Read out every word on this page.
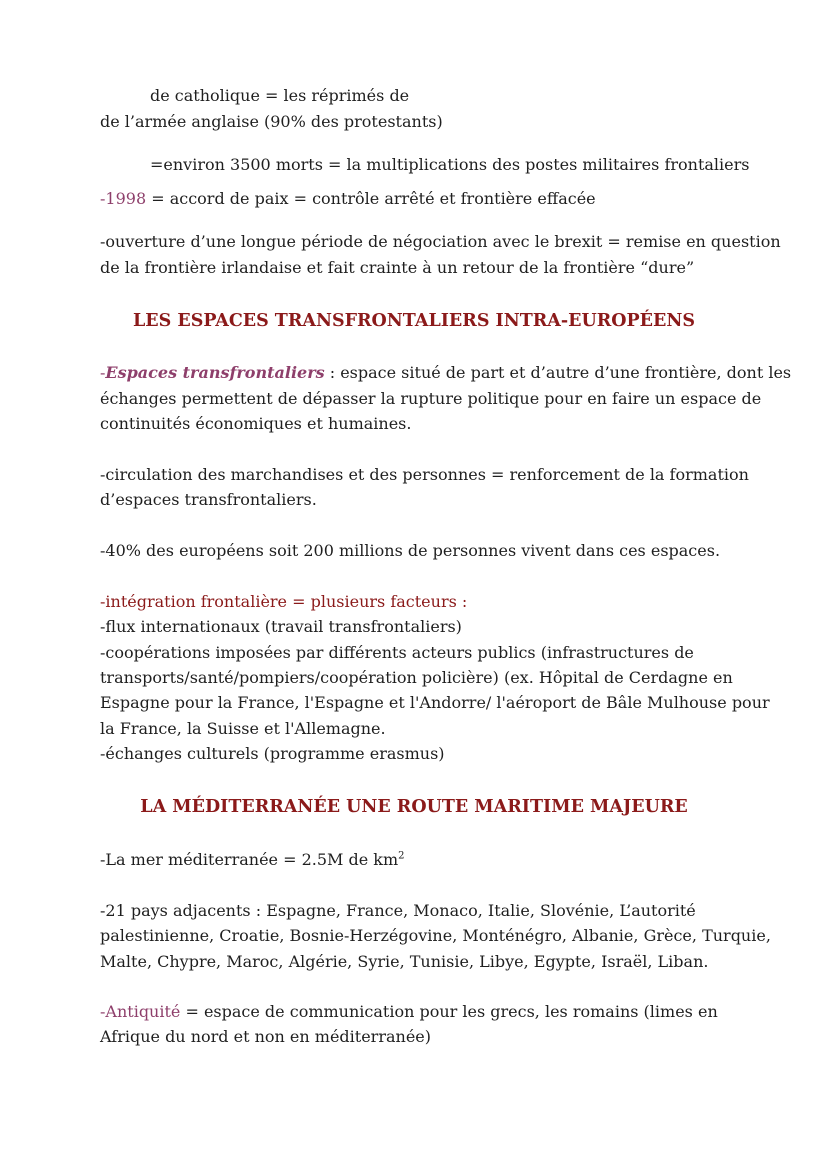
de catholique = les réprimés de

de l’armée anglaise (90% des protestants)

=environ 3500 morts = la multiplications des postes militaires frontaliers

-1998 = accord de paix = contrôle arrêté et frontière effacée

-ouverture d’une longue période de négociation avec le brexit = remise en question

de la frontière irlandaise et fait crainte à un retour de la frontière “dure”

LES ESPACES TRANSFRONTALIERS INTRA-EUROPÉENS

-Espaces transfrontaliers : espace situé de part et d’autre d’une frontière, dont les

échanges permettent de dépasser la rupture politique pour en faire un espace de

continuités économiques et humaines.

-circulation des marchandises et des personnes = renforcement de la formation

d’espaces transfrontaliers.

-40% des européens soit 200 millions de personnes vivent dans ces espaces.

-intégration frontalière = plusieurs facteurs :

-flux internationaux (travail transfrontaliers)

-coopérations imposées par différents acteurs publics (infrastructures de

transports/santé/pompiers/coopération policière) (ex. Hôpital de Cerdagne en

Espagne pour la France, l'Espagne et l'Andorre/ l'aéroport de Bâle Mulhouse pour

la France, la Suisse et l'Allemagne.

-échanges culturels (programme erasmus)

LA MÉDITERRANÉE UNE ROUTE MARITIME MAJEURE

-La mer méditerranée = 2.5M de $km^2$

-21 pays adjacents : Espagne, France, Monaco, Italie, Slovénie, L’autorité

palestinienne, Croatie, Bosnie-Herzégovine, Monténégro, Albanie, Grèce, Turquie,

Malte, Chypre, Maroc, Algérie, Syrie, Tunisie, Libye, Egypte, Israël, Liban.

-Antiquité = espace de communication pour les grecs, les romains (limes en

Afrique du nord et non en méditerranée)
